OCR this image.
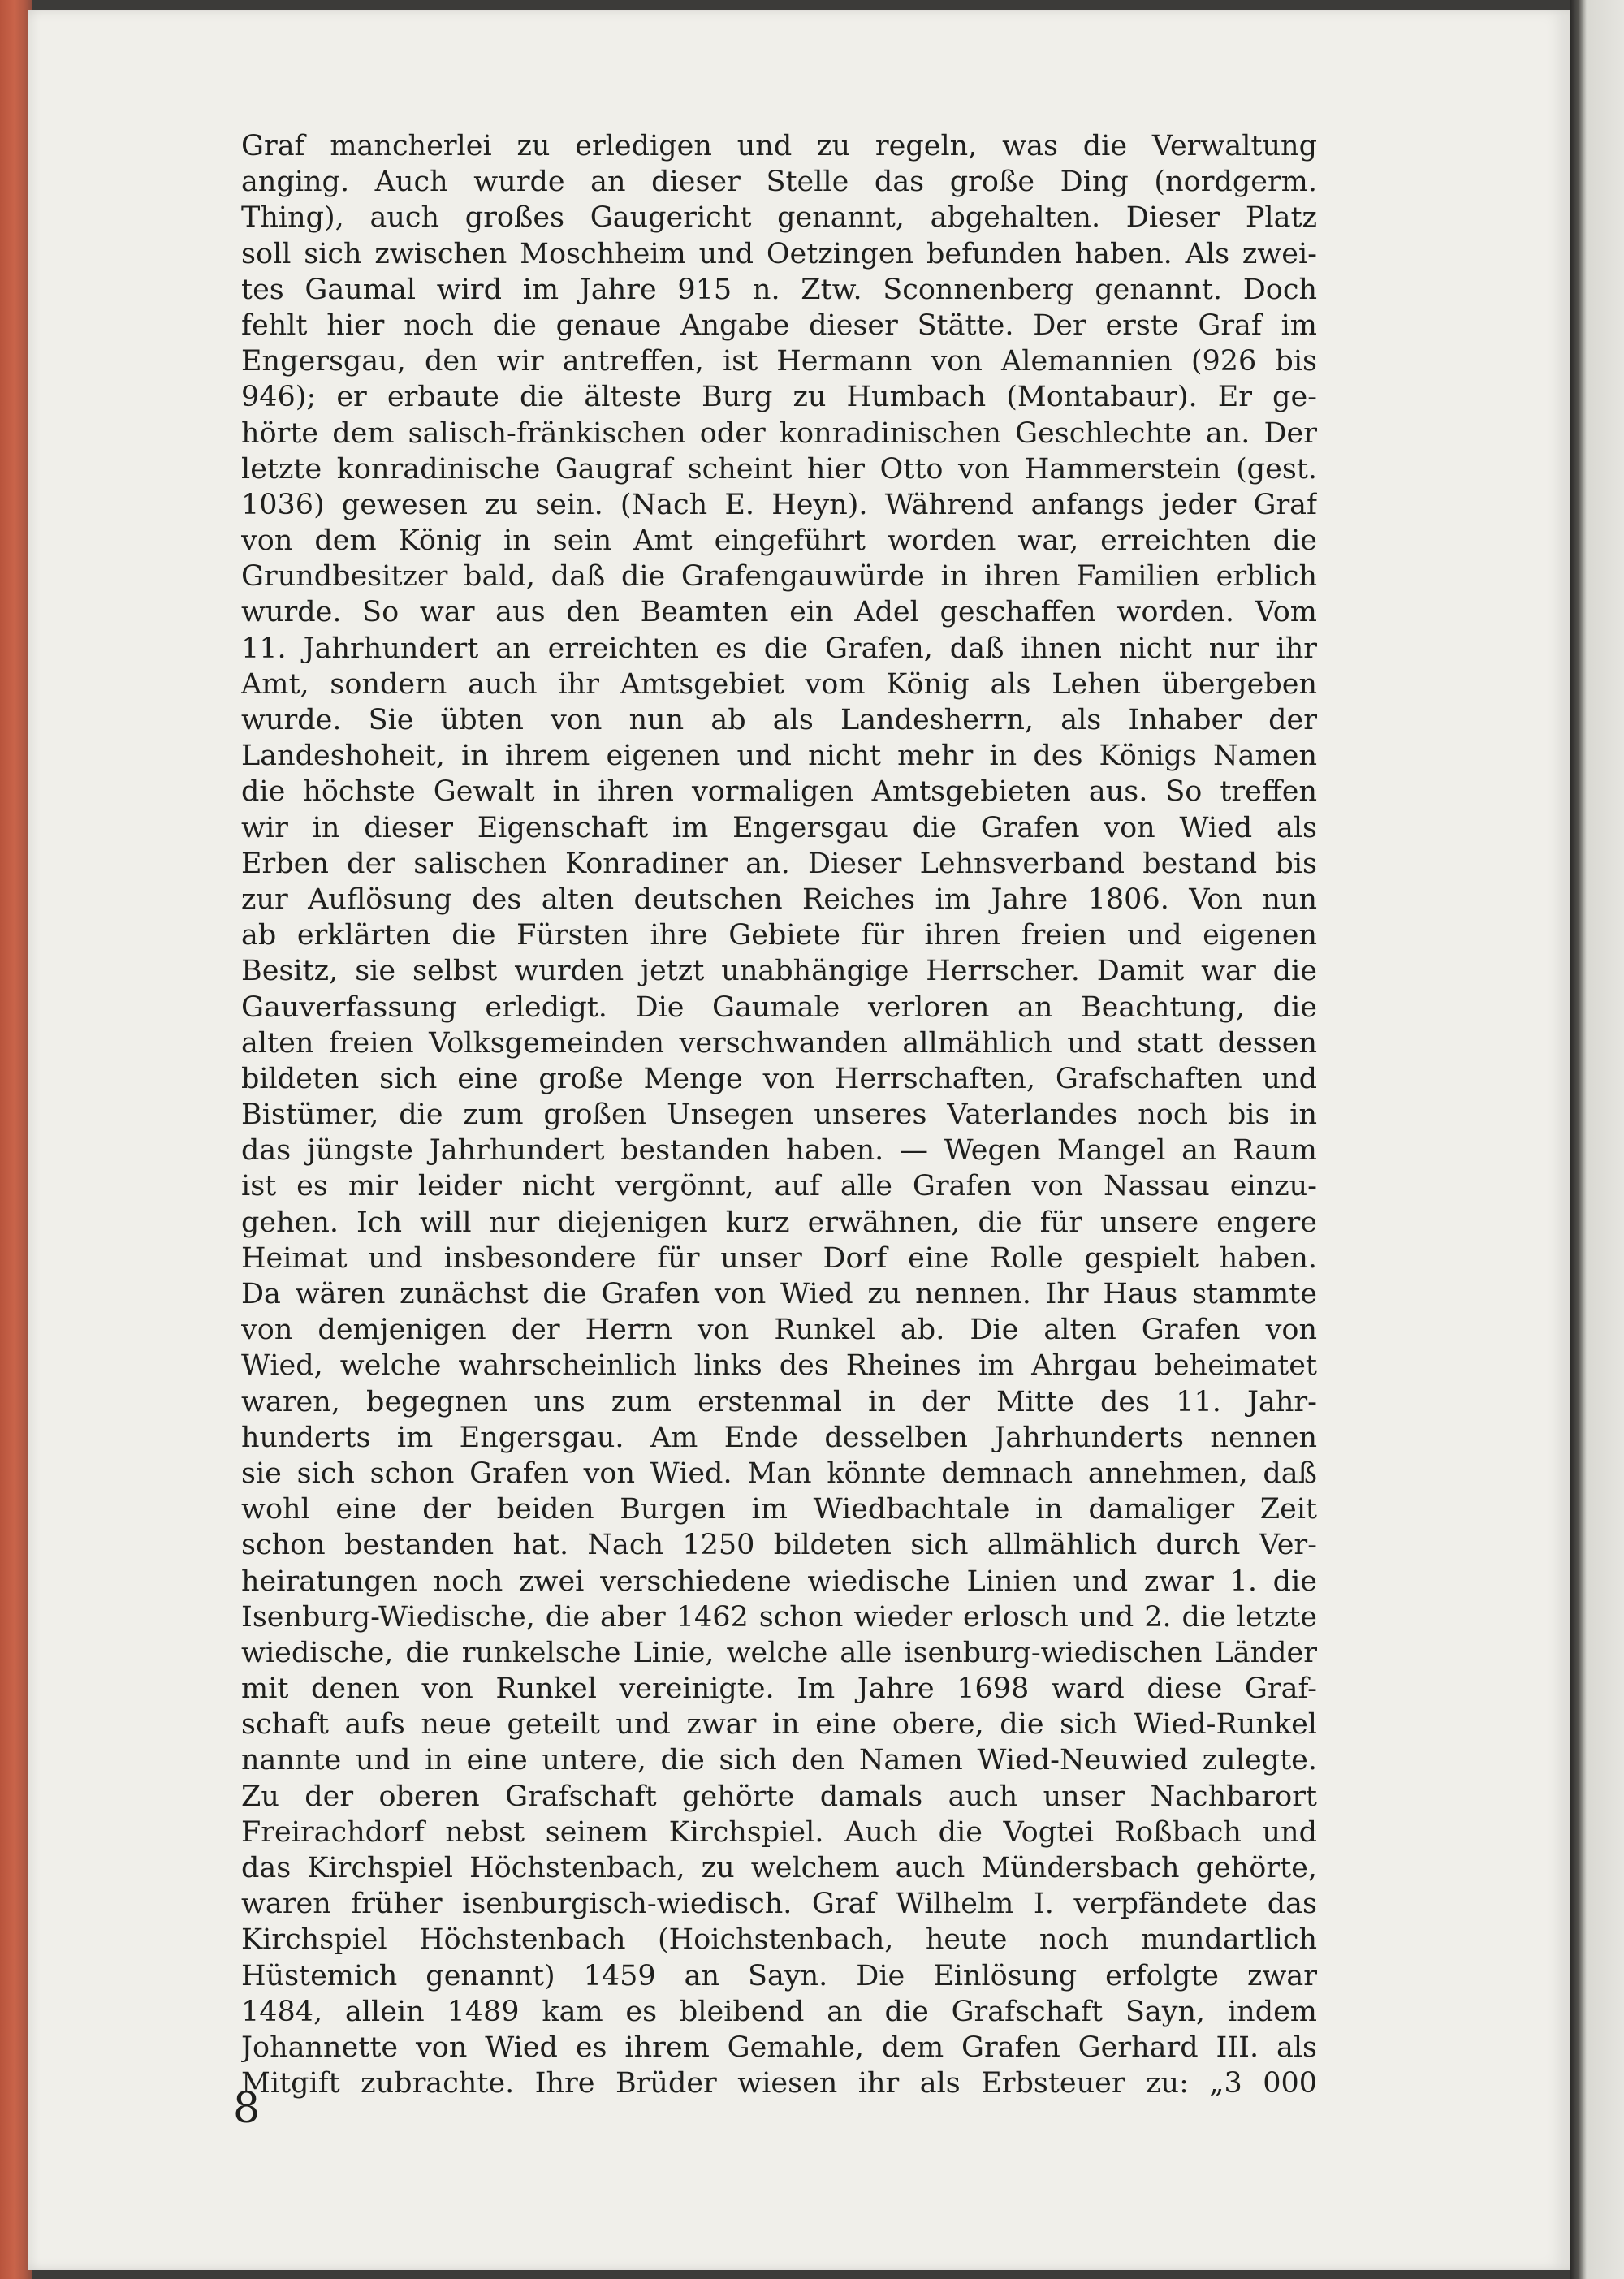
Graf mancherlei zu erledigen und zu regeln, was die Verwaltung
anging. Auch wurde an dieser Stelle das große Ding (nordgerm.
Thing), auch großes Gaugericht genannt, abgehalten. Dieser Platz
soll sich zwischen Moschheim und Oetzingen befunden haben. Als zwei-
tes Gaumal wird im Jahre 915 n. Ztw. Sconnenberg genannt. Doch
fehlt hier noch die genaue Angabe dieser Stätte. Der erste Graf im
Engersgau, den wir antreffen, ist Hermann von Alemannien (926 bis
946); er erbaute die älteste Burg zu Humbach (Montabaur). Er ge-
hörte dem salisch-fränkischen oder konradinischen Geschlechte an. Der
letzte konradinische Gaugraf scheint hier Otto von Hammerstein (gest.
1036) gewesen zu sein. (Nach E. Heyn). Während anfangs jeder Graf
von dem König in sein Amt eingeführt worden war, erreichten die
Grundbesitzer bald, daß die Grafengauwürde in ihren Familien erblich
wurde. So war aus den Beamten ein Adel geschaffen worden. Vom
11. Jahrhundert an erreichten es die Grafen, daß ihnen nicht nur ihr
Amt, sondern auch ihr Amtsgebiet vom König als Lehen übergeben
wurde. Sie übten von nun ab als Landesherrn, als Inhaber der
Landeshoheit, in ihrem eigenen und nicht mehr in des Königs Namen
die höchste Gewalt in ihren vormaligen Amtsgebieten aus. So treffen
wir in dieser Eigenschaft im Engersgau die Grafen von Wied als
Erben der salischen Konradiner an. Dieser Lehnsverband bestand bis
zur Auflösung des alten deutschen Reiches im Jahre 1806. Von nun
ab erklärten die Fürsten ihre Gebiete für ihren freien und eigenen
Besitz, sie selbst wurden jetzt unabhängige Herrscher. Damit war die
Gauverfassung erledigt. Die Gaumale verloren an Beachtung, die
alten freien Volksgemeinden verschwanden allmählich und statt dessen
bildeten sich eine große Menge von Herrschaften, Grafschaften und
Bistümer, die zum großen Unsegen unseres Vaterlandes noch bis in
das jüngste Jahrhundert bestanden haben. — Wegen Mangel an Raum
ist es mir leider nicht vergönnt, auf alle Grafen von Nassau einzu-
gehen. Ich will nur diejenigen kurz erwähnen, die für unsere engere
Heimat und insbesondere für unser Dorf eine Rolle gespielt haben.
Da wären zunächst die Grafen von Wied zu nennen. Ihr Haus stammte
von demjenigen der Herrn von Runkel ab. Die alten Grafen von
Wied, welche wahrscheinlich links des Rheines im Ahrgau beheimatet
waren, begegnen uns zum erstenmal in der Mitte des 11. Jahr-
hunderts im Engersgau. Am Ende desselben Jahrhunderts nennen
sie sich schon Grafen von Wied. Man könnte demnach annehmen, daß
wohl eine der beiden Burgen im Wiedbachtale in damaliger Zeit
schon bestanden hat. Nach 1250 bildeten sich allmählich durch Ver-
heiratungen noch zwei verschiedene wiedische Linien und zwar 1. die
Isenburg-Wiedische, die aber 1462 schon wieder erlosch und 2. die letzte
wiedische, die runkelsche Linie, welche alle isenburg-wiedischen Länder
mit denen von Runkel vereinigte. Im Jahre 1698 ward diese Graf-
schaft aufs neue geteilt und zwar in eine obere, die sich Wied-Runkel
nannte und in eine untere, die sich den Namen Wied-Neuwied zulegte.
Zu der oberen Grafschaft gehörte damals auch unser Nachbarort
Freirachdorf nebst seinem Kirchspiel. Auch die Vogtei Roßbach und
das Kirchspiel Höchstenbach, zu welchem auch Mündersbach gehörte,
waren früher isenburgisch-wiedisch. Graf Wilhelm I. verpfändete das
Kirchspiel Höchstenbach (Hoichstenbach, heute noch mundartlich
Hüstemich genannt) 1459 an Sayn. Die Einlösung erfolgte zwar
1484, allein 1489 kam es bleibend an die Grafschaft Sayn, indem
Johannette von Wied es ihrem Gemahle, dem Grafen Gerhard III. als
Mitgift zubrachte. Ihre Brüder wiesen ihr als Erbsteuer zu: „3 000
8
